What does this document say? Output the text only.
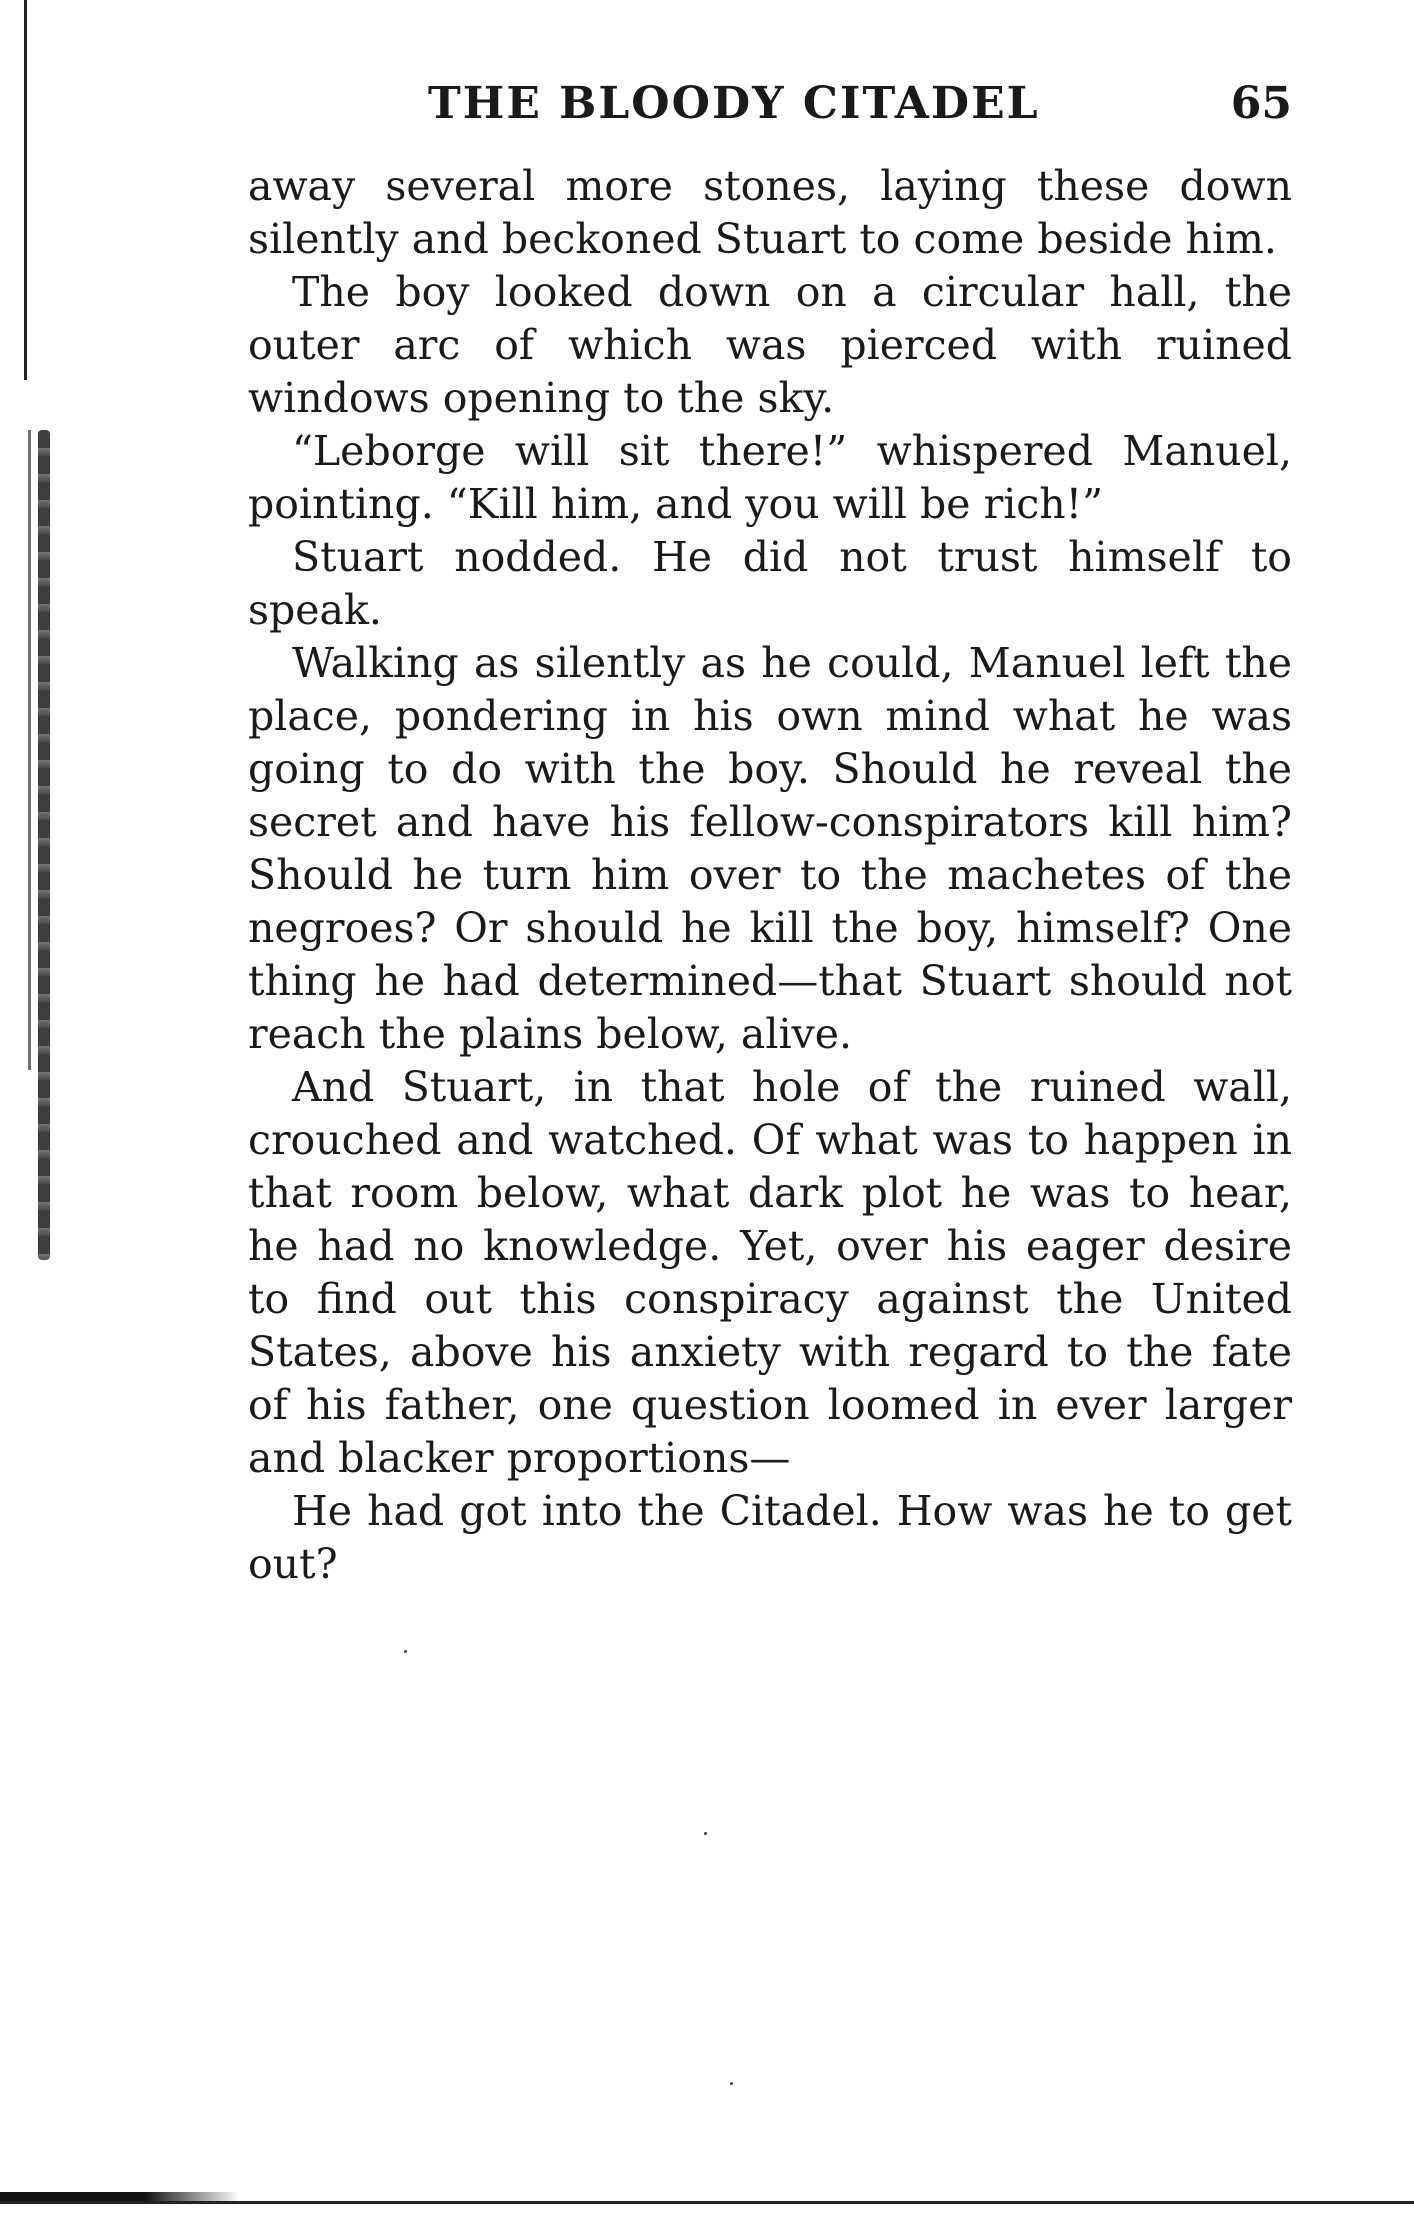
THE BLOODY CITADEL	65

away several more stones, laying these down silently and beckoned Stuart to come beside him.

The boy looked down on a circular hall, the outer arc of which was pierced with ruined windows opening to the sky.

“Leborge will sit there!” whispered Manuel, pointing. “Kill him, and you will be rich!”

Stuart nodded. He did not trust himself to speak.

Walking as silently as he could, Manuel left the place, pondering in his own mind what he was going to do with the boy. Should he reveal the secret and have his fellow-conspirators kill him? Should he turn him over to the machetes of the negroes? Or should he kill the boy, himself? One thing he had determined—that Stuart should not reach the plains below, alive.

And Stuart, in that hole of the ruined wall, crouched and watched. Of what was to happen in that room below, what dark plot he was to hear, he had no knowledge. Yet, over his eager desire to find out this conspiracy against the United States, above his anxiety with regard to the fate of his father, one question loomed in ever larger and blacker proportions—

He had got into the Citadel. How was he to get out?
